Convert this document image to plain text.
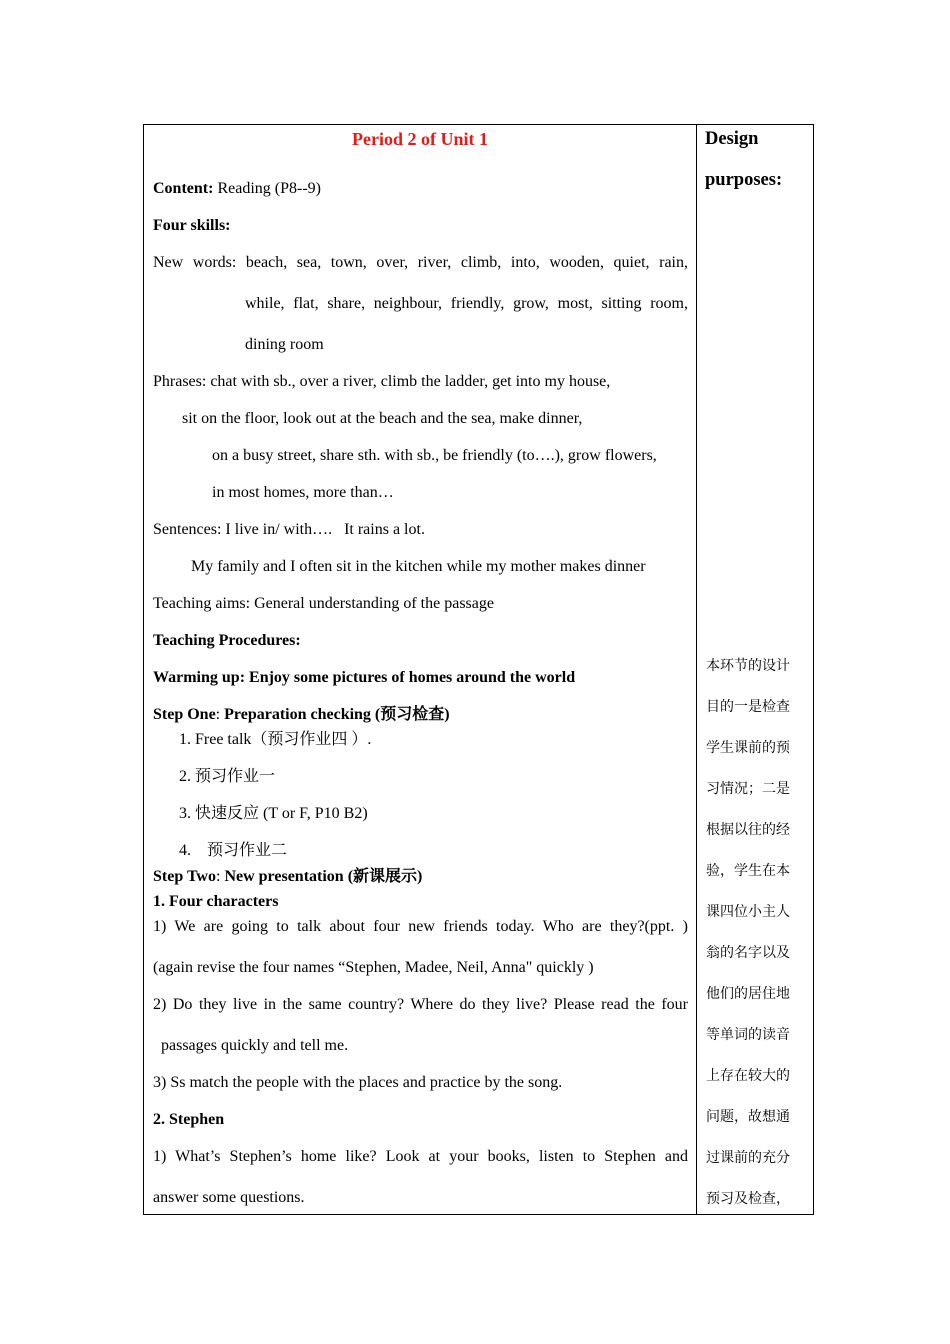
Period 2 of Unit 1
Content: Reading (P8--9)
Four skills:
New words: beach, sea, town, over, river, climb, into, wooden, quiet, rain,
while, flat, share, neighbour, friendly, grow, most, sitting room,
dining room
Phrases: chat with sb., over a river, climb the ladder, get into my house,
sit on the floor, look out at the beach and the sea, make dinner,
on a busy street, share sth. with sb., be friendly (to….), grow flowers,
in most homes, more than…
Sentences: I live in/ with….   It rains a lot.
My family and I often sit in the kitchen while my mother makes dinner
Teaching aims: General understanding of the passage
Teaching Procedures:
Warming up: Enjoy some pictures of homes around the world
Step One: Preparation checking (预习检查)
1. Free talk（预习作业四 ）.
2. 预习作业一
3. 快速反应 (T or F, P10 B2)
4.    预习作业二
Step Two: New presentation (新课展示)
1. Four characters
1) We are going to talk about four new friends today. Who are they?(ppt. )
(again revise the four names “Stephen, Madee, Neil, Anna" quickly )
2) Do they live in the same country? Where do they live? Please read the four
passages quickly and tell me.
3) Ss match the people with the places and practice by the song.
2. Stephen
1) What’s Stephen’s home like? Look at your books, listen to Stephen and
answer some questions.
Design
purposes:
本环节的设计
目的一是检查
学生课前的预
习情况；二是
根据以往的经
验，学生在本
课四位小主人
翁的名字以及
他们的居住地
等单词的读音
上存在较大的
问题，故想通
过课前的充分
预习及检查，
